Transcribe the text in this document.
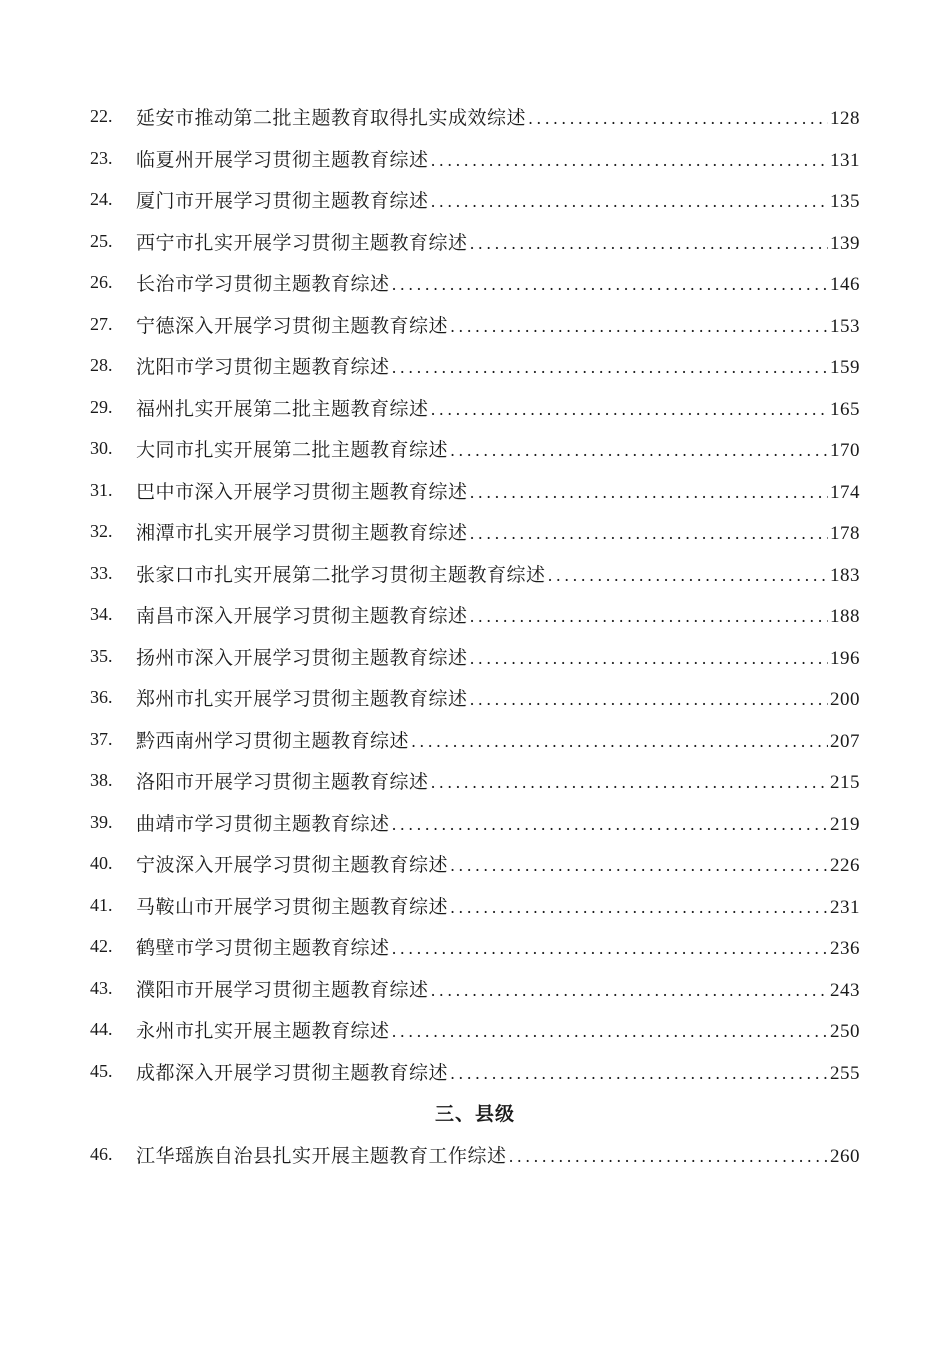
22.	延安市推动第二批主题教育取得扎实成效综述 .....	128
23.	临夏州开展学习贯彻主题教育综述 .....	131
24.	厦门市开展学习贯彻主题教育综述 .....	135
25.	西宁市扎实开展学习贯彻主题教育综述 .....	139
26.	长治市学习贯彻主题教育综述 .....	146
27.	宁德深入开展学习贯彻主题教育综述 .....	153
28.	沈阳市学习贯彻主题教育综述 .....	159
29.	福州扎实开展第二批主题教育综述 .....	165
30.	大同市扎实开展第二批主题教育综述 .....	170
31.	巴中市深入开展学习贯彻主题教育综述 .....	174
32.	湘潭市扎实开展学习贯彻主题教育综述 .....	178
33.	张家口市扎实开展第二批学习贯彻主题教育综述 .....	183
34.	南昌市深入开展学习贯彻主题教育综述 .....	188
35.	扬州市深入开展学习贯彻主题教育综述 .....	196
36.	郑州市扎实开展学习贯彻主题教育综述 .....	200
37.	黔西南州学习贯彻主题教育综述 .....	207
38.	洛阳市开展学习贯彻主题教育综述 .....	215
39.	曲靖市学习贯彻主题教育综述 .....	219
40.	宁波深入开展学习贯彻主题教育综述 .....	226
41.	马鞍山市开展学习贯彻主题教育综述 .....	231
42.	鹤壁市学习贯彻主题教育综述 .....	236
43.	濮阳市开展学习贯彻主题教育综述 .....	243
44.	永州市扎实开展主题教育综述 .....	250
45.	成都深入开展学习贯彻主题教育综述 .....	255
三、县级
46.	江华瑶族自治县扎实开展主题教育工作综述 .....	260
